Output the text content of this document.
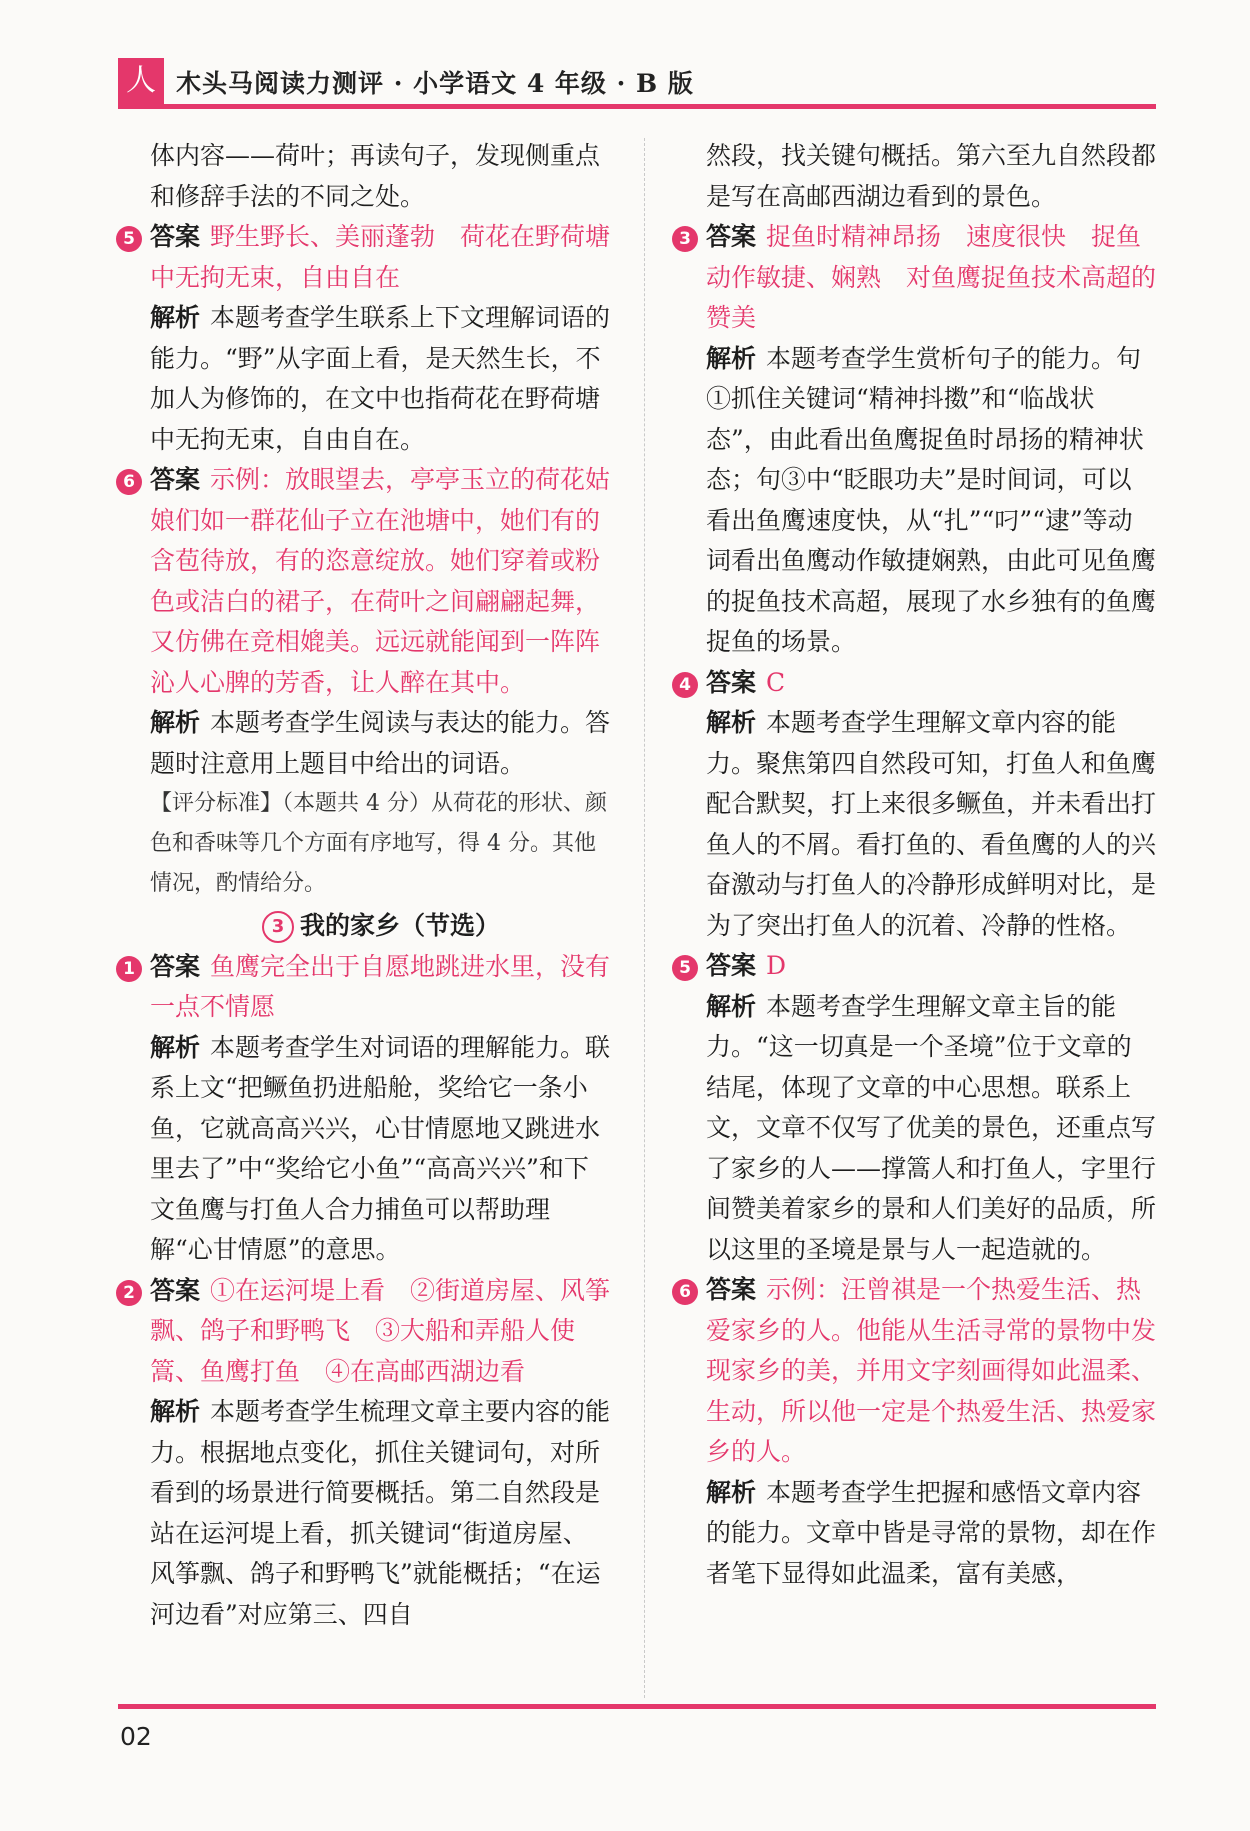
人 木头马阅读力测评 · 小学语文 4 年级 · B 版

体内容——荷叶；再读句子，发现侧重点和修辞手法的不同之处。

5 答案 野生野长、美丽蓬勃　荷花在野荷塘中无拘无束，自由自在

解析 本题考查学生联系上下文理解词语的能力。“野”从字面上看，是天然生长，不加人为修饰的，在文中也指荷花在野荷塘中无拘无束，自由自在。

6 答案 示例：放眼望去，亭亭玉立的荷花姑娘们如一群花仙子立在池塘中，她们有的含苞待放，有的恣意绽放。她们穿着或粉色或洁白的裙子，在荷叶之间翩翩起舞，又仿佛在竞相媲美。远远就能闻到一阵阵沁人心脾的芳香，让人醉在其中。

解析 本题考查学生阅读与表达的能力。答题时注意用上题目中给出的词语。

【评分标准】（本题共 4 分）从荷花的形状、颜色和香味等几个方面有序地写，得 4 分。其他情况，酌情给分。

3 我的家乡（节选）
1 答案 鱼鹰完全出于自愿地跳进水里，没有一点不情愿

解析 本题考查学生对词语的理解能力。联系上文“把鳜鱼扔进船舱，奖给它一条小鱼，它就高高兴兴，心甘情愿地又跳进水里去了”中“奖给它小鱼”“高高兴兴”和下文鱼鹰与打鱼人合力捕鱼可以帮助理解“心甘情愿”的意思。

2 答案 ①在运河堤上看　②街道房屋、风筝飘、鸽子和野鸭飞　③大船和弄船人使篙、鱼鹰打鱼　④在高邮西湖边看

解析 本题考查学生梳理文章主要内容的能力。根据地点变化，抓住关键词句，对所看到的场景进行简要概括。第二自然段是站在运河堤上看，抓关键词“街道房屋、风筝飘、鸽子和野鸭飞”就能概括；“在运河边看”对应第三、四自

然段，找关键句概括。第六至九自然段都是写在高邮西湖边看到的景色。

3 答案 捉鱼时精神昂扬　速度很快　捉鱼动作敏捷、娴熟　对鱼鹰捉鱼技术高超的赞美

解析 本题考查学生赏析句子的能力。句①抓住关键词“精神抖擞”和“临战状态”，由此看出鱼鹰捉鱼时昂扬的精神状态；句③中“眨眼功夫”是时间词，可以看出鱼鹰速度快，从“扎”“叼”“逮”等动词看出鱼鹰动作敏捷娴熟，由此可见鱼鹰的捉鱼技术高超，展现了水乡独有的鱼鹰捉鱼的场景。

4 答案 C

解析 本题考查学生理解文章内容的能力。聚焦第四自然段可知，打鱼人和鱼鹰配合默契，打上来很多鳜鱼，并未看出打鱼人的不屑。看打鱼的、看鱼鹰的人的兴奋激动与打鱼人的冷静形成鲜明对比，是为了突出打鱼人的沉着、冷静的性格。

5 答案 D

解析 本题考查学生理解文章主旨的能力。“这一切真是一个圣境”位于文章的结尾，体现了文章的中心思想。联系上文，文章不仅写了优美的景色，还重点写了家乡的人——撑篙人和打鱼人，字里行间赞美着家乡的景和人们美好的品质，所以这里的圣境是景与人一起造就的。

6 答案 示例：汪曾祺是一个热爱生活、热爱家乡的人。他能从生活寻常的景物中发现家乡的美，并用文字刻画得如此温柔、生动，所以他一定是个热爱生活、热爱家乡的人。

解析 本题考查学生把握和感悟文章内容的能力。文章中皆是寻常的景物，却在作者笔下显得如此温柔，富有美感，

02
